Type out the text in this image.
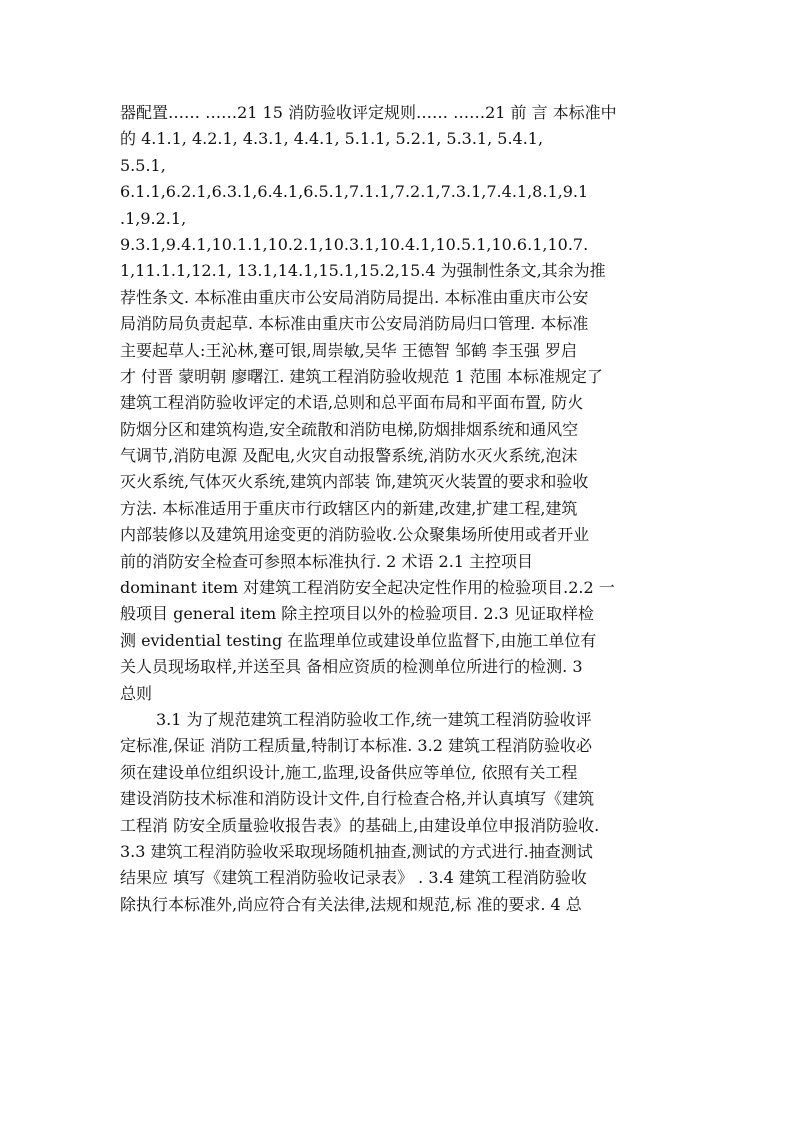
器配置…… ……21 15 消防验收评定规则…… ……21 前 言 本标准中
的 4.1.1, 4.2.1, 4.3.1, 4.4.1, 5.1.1, 5.2.1, 5.3.1, 5.4.1,
5.5.1,
6.1.1,6.2.1,6.3.1,6.4.1,6.5.1,7.1.1,7.2.1,7.3.1,7.4.1,8.1,9.1
.1,9.2.1,
9.3.1,9.4.1,10.1.1,10.2.1,10.3.1,10.4.1,10.5.1,10.6.1,10.7.
1,11.1.1,12.1, 13.1,14.1,15.1,15.2,15.4 为强制性条文,其余为推
荐性条文. 本标准由重庆市公安局消防局提出. 本标准由重庆市公安
局消防局负责起草. 本标准由重庆市公安局消防局归口管理. 本标准
主要起草人:王沁林,蹇可银,周崇敏,吴华 王德智 邹鹤 李玉强 罗启
才 付晋 蒙明朝 廖曙江. 建筑工程消防验收规范 1 范围 本标准规定了
建筑工程消防验收评定的术语,总则和总平面布局和平面布置, 防火
防烟分区和建筑构造,安全疏散和消防电梯,防烟排烟系统和通风空
气调节,消防电源 及配电,火灾自动报警系统,消防水灭火系统,泡沫
灭火系统,气体灭火系统,建筑内部装 饰,建筑灭火装置的要求和验收
方法. 本标准适用于重庆市行政辖区内的新建,改建,扩建工程,建筑
内部装修以及建筑用途变更的消防验收.公众聚集场所使用或者开业
前的消防安全检查可参照本标准执行. 2 术语 2.1 主控项目
dominant item 对建筑工程消防安全起决定性作用的检验项目.2.2 一
般项目 general item 除主控项目以外的检验项目. 2.3 见证取样检
测 evidential testing 在监理单位或建设单位监督下,由施工单位有
关人员现场取样,并送至具 备相应资质的检测单位所进行的检测. 3
总则
3.1 为了规范建筑工程消防验收工作,统一建筑工程消防验收评
定标准,保证 消防工程质量,特制订本标准. 3.2 建筑工程消防验收必
须在建设单位组织设计,施工,监理,设备供应等单位, 依照有关工程
建设消防技术标准和消防设计文件,自行检查合格,并认真填写《建筑
工程消 防安全质量验收报告表》的基础上,由建设单位申报消防验收.
3.3 建筑工程消防验收采取现场随机抽查,测试的方式进行.抽查测试
结果应 填写《建筑工程消防验收记录表》 . 3.4 建筑工程消防验收
除执行本标准外,尚应符合有关法律,法规和规范,标 准的要求. 4 总
